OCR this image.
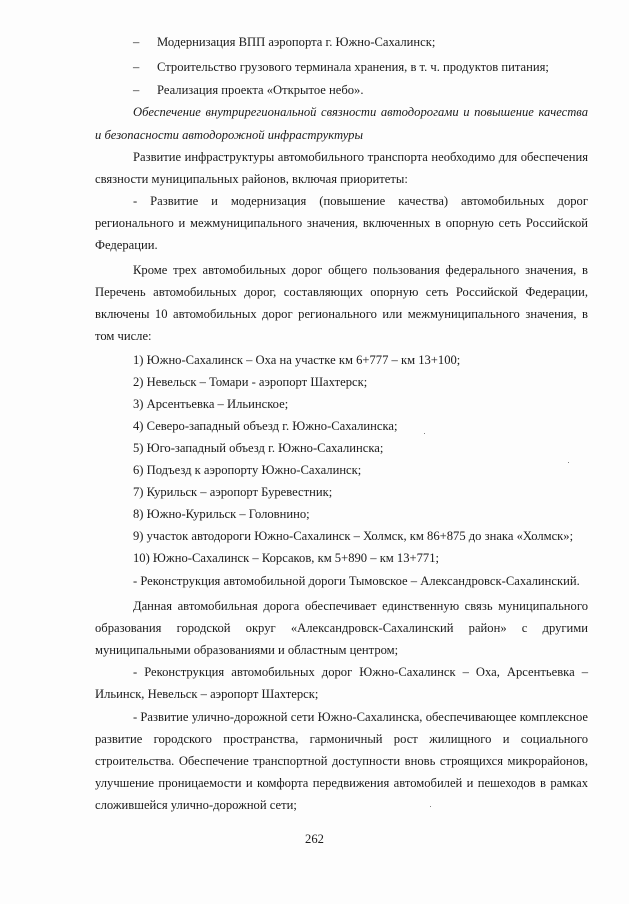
– Модернизация ВПП аэропорта г. Южно-Сахалинск;
– Строительство грузового терминала хранения, в т. ч. продуктов питания;
– Реализация проекта «Открытое небо».
Обеспечение внутрирегиональной связности автодорогами и повышение качества
и безопасности автодорожной инфраструктуры
Развитие инфраструктуры автомобильного транспорта необходимо для обеспечения
связности муниципальных районов, включая приоритеты:
- Развитие и модернизация (повышение качества) автомобильных дорог
регионального и межмуниципального значения, включенных в опорную сеть Российской
Федерации.
Кроме трех автомобильных дорог общего пользования федерального значения, в
Перечень автомобильных дорог, составляющих опорную сеть Российской Федерации,
включены 10 автомобильных дорог регионального или межмуниципального значения, в
том числе:
1) Южно-Сахалинск – Оха на участке км 6+777 – км 13+100;
2) Невельск – Томари - аэропорт Шахтерск;
3) Арсентьевка – Ильинское;
4) Северо-западный объезд г. Южно-Сахалинска;
5) Юго-западный объезд г. Южно-Сахалинска;
6) Подъезд к аэропорту Южно-Сахалинск;
7) Курильск – аэропорт Буревестник;
8) Южно-Курильск – Головнино;
9) участок автодороги Южно-Сахалинск – Холмск, км 86+875 до знака «Холмск»;
10) Южно-Сахалинск – Корсаков, км 5+890 – км 13+771;
- Реконструкция автомобильной дороги Тымовское – Александровск-Сахалинский.
Данная автомобильная дорога обеспечивает единственную связь муниципального
образования городской округ «Александровск-Сахалинский район» с другими
муниципальными образованиями и областным центром;
- Реконструкция автомобильных дорог Южно-Сахалинск – Оха, Арсентьевка –
Ильинск, Невельск – аэропорт Шахтерск;
- Развитие улично-дорожной сети Южно-Сахалинска, обеспечивающее комплексное
развитие городского пространства, гармоничный рост жилищного и социального
строительства. Обеспечение транспортной доступности вновь строящихся микрорайонов,
улучшение проницаемости и комфорта передвижения автомобилей и пешеходов в рамках
сложившейся улично-дорожной сети;
262
